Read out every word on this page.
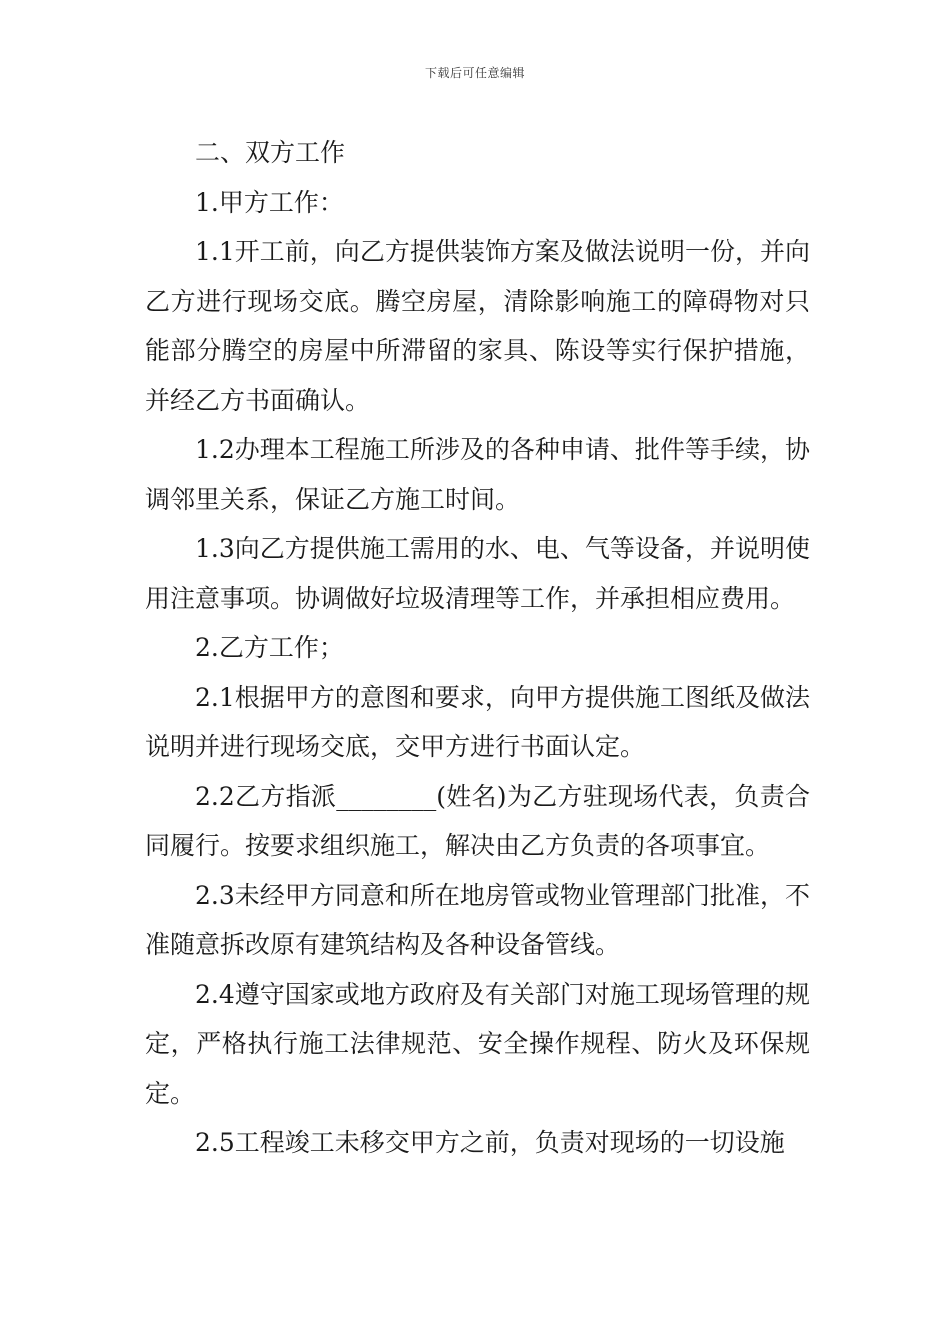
下载后可任意编辑

二、双方工作

1.甲方工作：

1.1开工前，向乙方提供装饰方案及做法说明一份，并向乙方进行现场交底。腾空房屋，清除影响施工的障碍物对只能部分腾空的房屋中所滞留的家具、陈设等实行保护措施，并经乙方书面确认。

1.2办理本工程施工所涉及的各种申请、批件等手续，协调邻里关系，保证乙方施工时间。

1.3向乙方提供施工需用的水、电、气等设备，并说明使用注意事项。协调做好垃圾清理等工作，并承担相应费用。

2.乙方工作；

2.1根据甲方的意图和要求，向甲方提供施工图纸及做法说明并进行现场交底，交甲方进行书面认定。

2.2乙方指派________(姓名)为乙方驻现场代表，负责合同履行。按要求组织施工，解决由乙方负责的各项事宜。

2.3未经甲方同意和所在地房管或物业管理部门批准，不准随意拆改原有建筑结构及各种设备管线。

2.4遵守国家或地方政府及有关部门对施工现场管理的规定，严格执行施工法律规范、安全操作规程、防火及环保规定。

2.5工程竣工未移交甲方之前，负责对现场的一切设施
